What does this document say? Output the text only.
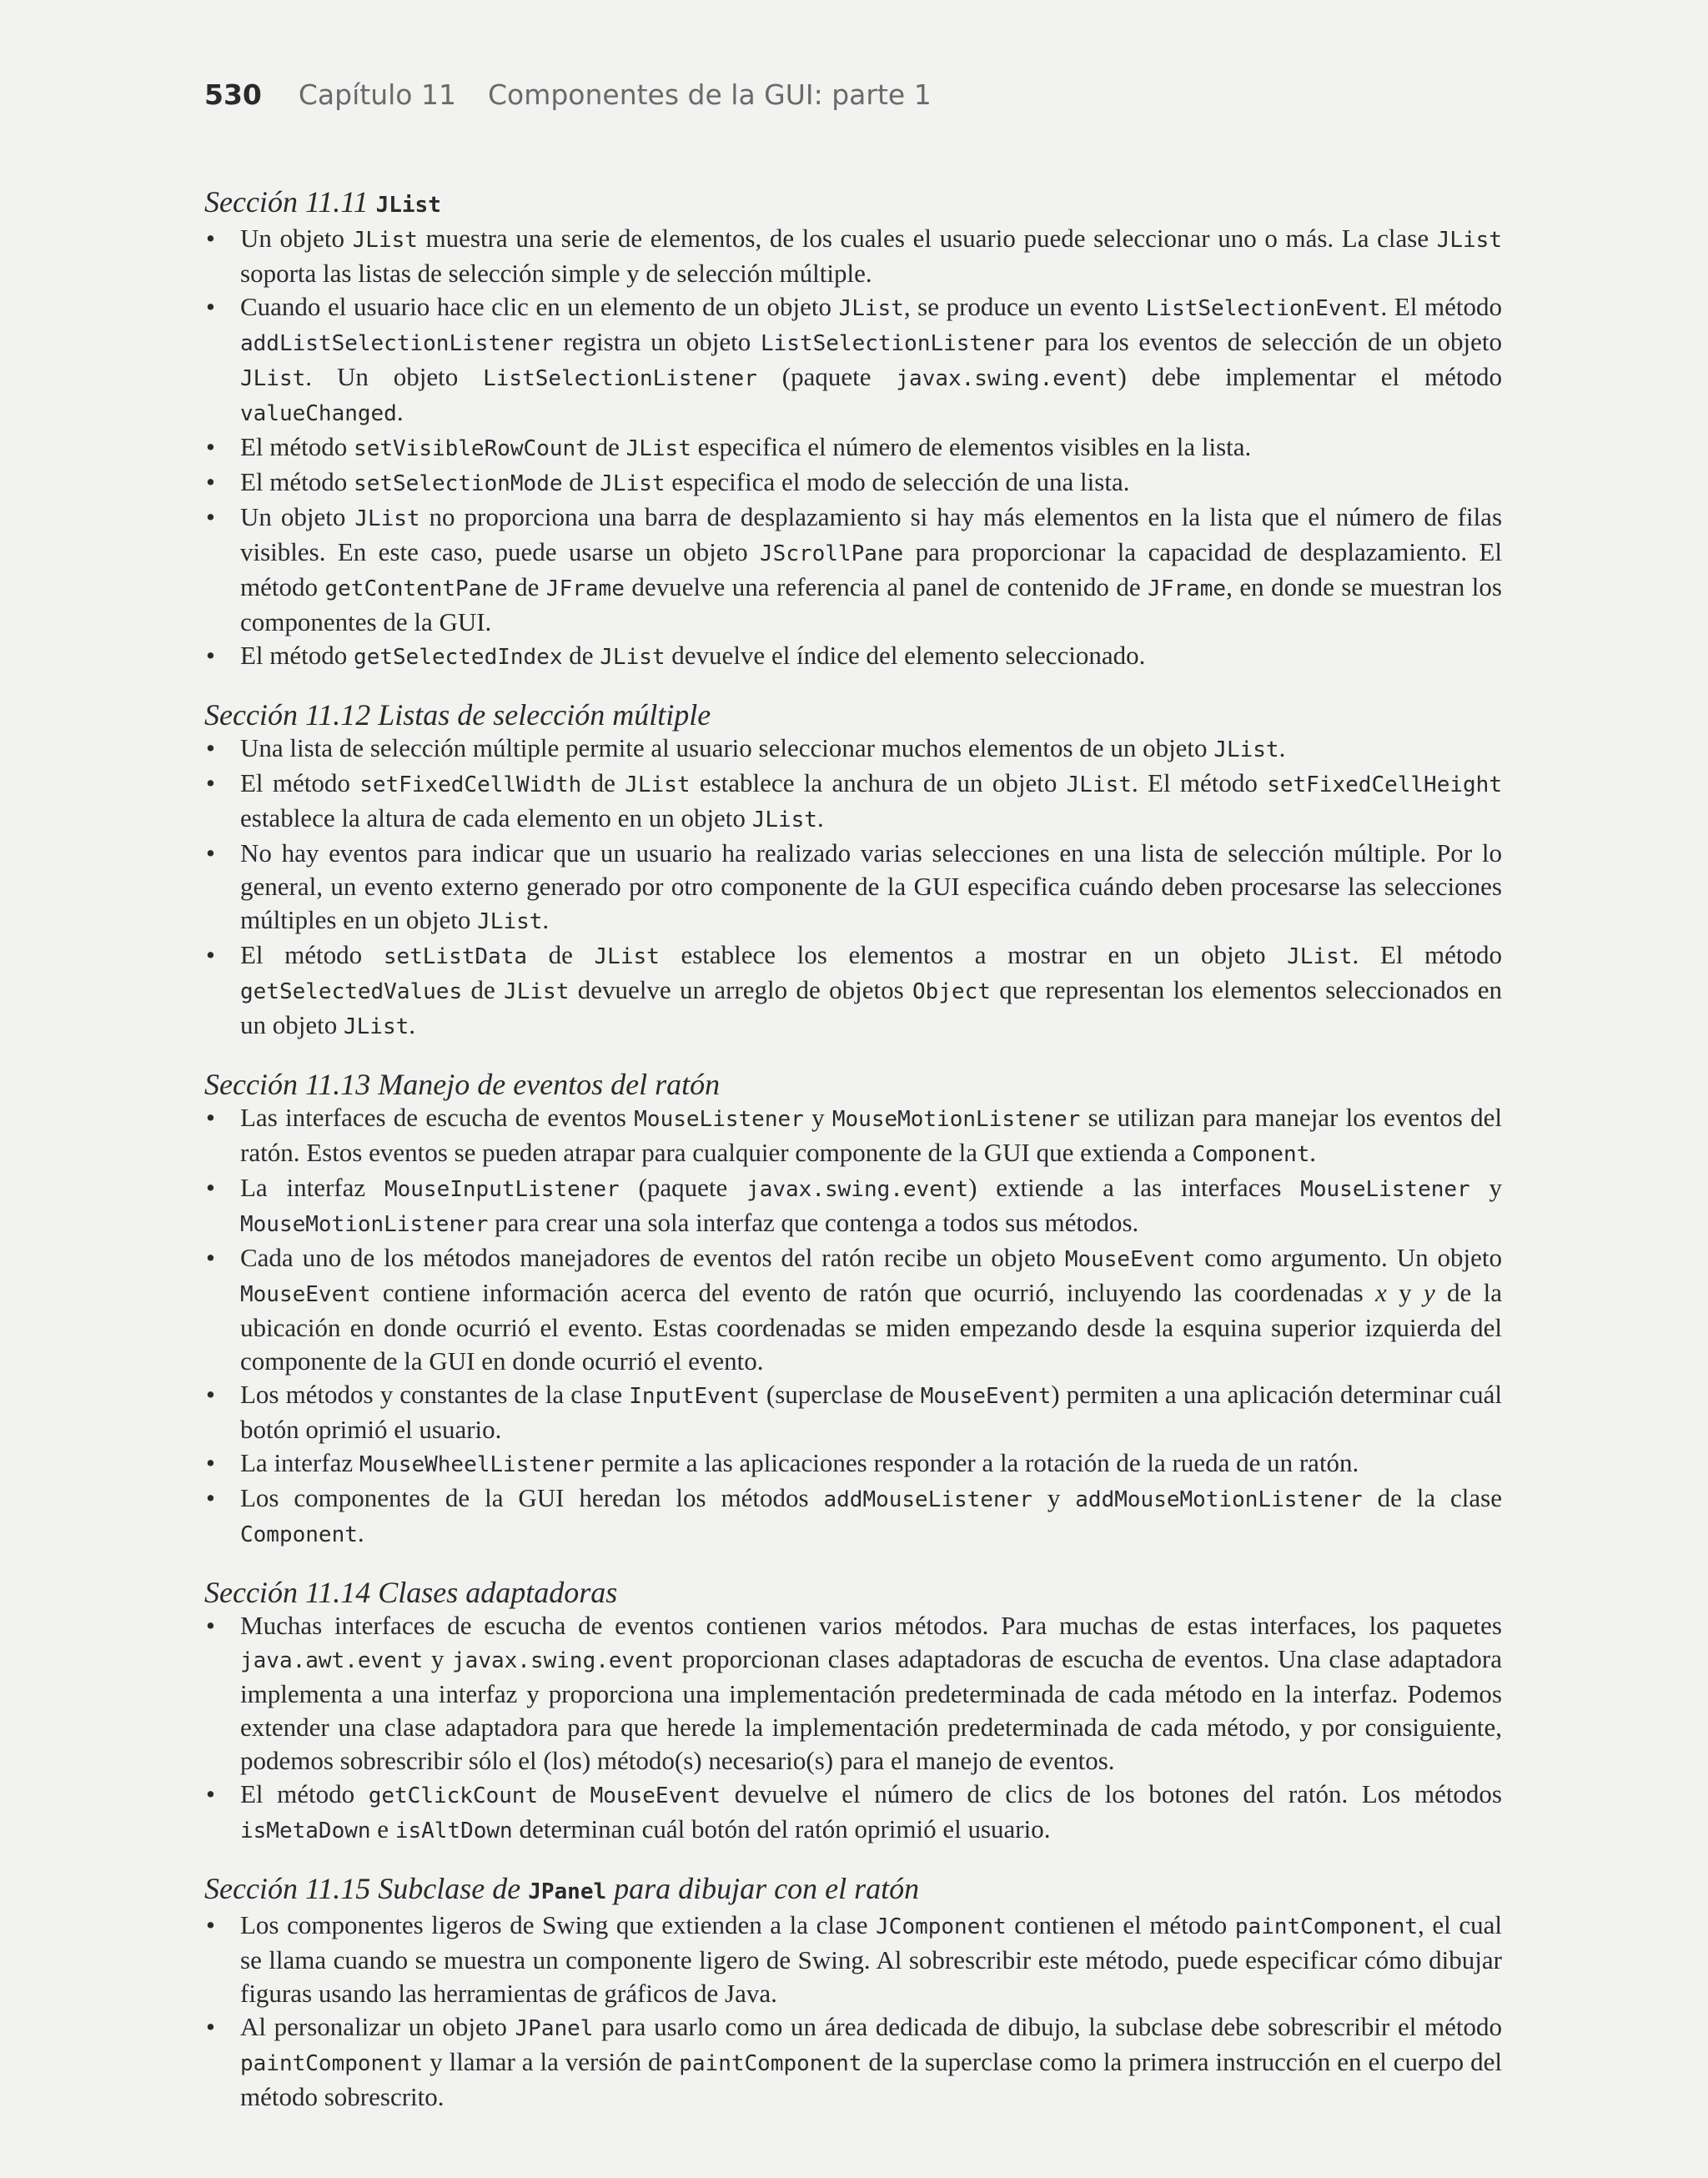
530 Capítulo 11 Componentes de la GUI: parte 1
Sección 11.11 JList
• Un objeto JList muestra una serie de elementos, de los cuales el usuario puede seleccionar uno o más. La clase JList soporta las listas de selección simple y de selección múltiple.
• Cuando el usuario hace clic en un elemento de un objeto JList, se produce un evento ListSelectionEvent. El método addListSelectionListener registra un objeto ListSelectionListener para los eventos de selección de un objeto JList. Un objeto ListSelectionListener (paquete javax.swing.event) debe implementar el método valueChanged.
• El método setVisibleRowCount de JList especifica el número de elementos visibles en la lista.
• El método setSelectionMode de JList especifica el modo de selección de una lista.
• Un objeto JList no proporciona una barra de desplazamiento si hay más elementos en la lista que el número de filas visibles. En este caso, puede usarse un objeto JScrollPane para proporcionar la capacidad de desplazamiento. El método getContentPane de JFrame devuelve una referencia al panel de contenido de JFrame, en donde se muestran los componentes de la GUI.
• El método getSelectedIndex de JList devuelve el índice del elemento seleccionado.
Sección 11.12 Listas de selección múltiple
• Una lista de selección múltiple permite al usuario seleccionar muchos elementos de un objeto JList.
• El método setFixedCellWidth de JList establece la anchura de un objeto JList. El método setFixedCellHeight establece la altura de cada elemento en un objeto JList.
• No hay eventos para indicar que un usuario ha realizado varias selecciones en una lista de selección múltiple. Por lo general, un evento externo generado por otro componente de la GUI especifica cuándo deben procesarse las selecciones múltiples en un objeto JList.
• El método setListData de JList establece los elementos a mostrar en un objeto JList. El método getSelectedValues de JList devuelve un arreglo de objetos Object que representan los elementos seleccionados en un objeto JList.
Sección 11.13 Manejo de eventos del ratón
• Las interfaces de escucha de eventos MouseListener y MouseMotionListener se utilizan para manejar los eventos del ratón. Estos eventos se pueden atrapar para cualquier componente de la GUI que extienda a Component.
• La interfaz MouseInputListener (paquete javax.swing.event) extiende a las interfaces MouseListener y MouseMotionListener para crear una sola interfaz que contenga a todos sus métodos.
• Cada uno de los métodos manejadores de eventos del ratón recibe un objeto MouseEvent como argumento. Un objeto MouseEvent contiene información acerca del evento de ratón que ocurrió, incluyendo las coordenadas x y y de la ubicación en donde ocurrió el evento. Estas coordenadas se miden empezando desde la esquina superior izquierda del componente de la GUI en donde ocurrió el evento.
• Los métodos y constantes de la clase InputEvent (superclase de MouseEvent) permiten a una aplicación determinar cuál botón oprimió el usuario.
• La interfaz MouseWheelListener permite a las aplicaciones responder a la rotación de la rueda de un ratón.
• Los componentes de la GUI heredan los métodos addMouseListener y addMouseMotionListener de la clase Component.
Sección 11.14 Clases adaptadoras
• Muchas interfaces de escucha de eventos contienen varios métodos. Para muchas de estas interfaces, los paquetes java.awt.event y javax.swing.event proporcionan clases adaptadoras de escucha de eventos. Una clase adaptadora implementa a una interfaz y proporciona una implementación predeterminada de cada método en la interfaz. Podemos extender una clase adaptadora para que herede la implementación predeterminada de cada método, y por consiguiente, podemos sobrescribir sólo el (los) método(s) necesario(s) para el manejo de eventos.
• El método getClickCount de MouseEvent devuelve el número de clics de los botones del ratón. Los métodos isMetaDown e isAltDown determinan cuál botón del ratón oprimió el usuario.
Sección 11.15 Subclase de JPanel para dibujar con el ratón
• Los componentes ligeros de Swing que extienden a la clase JComponent contienen el método paintComponent, el cual se llama cuando se muestra un componente ligero de Swing. Al sobrescribir este método, puede especificar cómo dibujar figuras usando las herramientas de gráficos de Java.
• Al personalizar un objeto JPanel para usarlo como un área dedicada de dibujo, la subclase debe sobrescribir el método paintComponent y llamar a la versión de paintComponent de la superclase como la primera instrucción en el cuerpo del método sobrescrito.
